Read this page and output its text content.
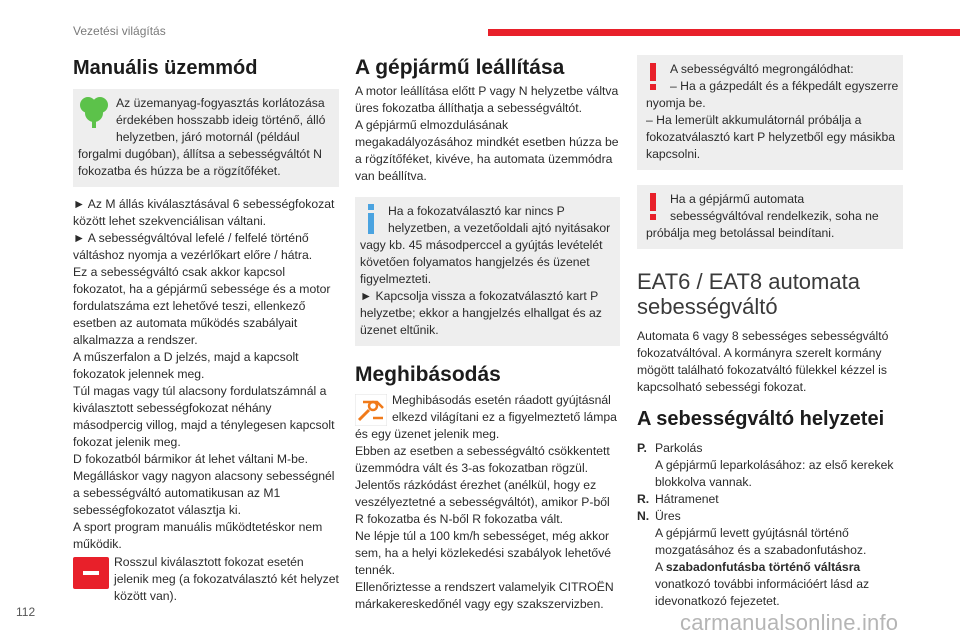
Vezetési világítás
Manuális üzemmód

Az üzemanyag-fogyasztás korlátozása érdekében hosszabb ideig történő, álló helyzetben, járó motornál (például forgalmi dugóban), állítsa a sebességváltót N fokozatba és húzza be a rögzítőféket.

► Az M állás kiválasztásával 6 sebességfokozat között lehet szekvenciálisan váltani.

► A sebességváltóval lefelé / felfelé történő váltáshoz nyomja a vezérlőkart előre / hátra.

Ez a sebességváltó csak akkor kapcsol fokozatot, ha a gépjármű sebessége és a motor fordulatszáma ezt lehetővé teszi, ellenkező esetben az automata működés szabályait alkalmazza a rendszer.

A műszerfalon a D jelzés, majd a kapcsolt fokozatok jelennek meg.

Túl magas vagy túl alacsony fordulatszámnál a kiválasztott sebességfokozat néhány másodpercig villog, majd a ténylegesen kapcsolt fokozat jelenik meg.

D fokozatból bármikor át lehet váltani M-be.

Megálláskor vagy nagyon alacsony sebességnél a sebességváltó automatikusan az M1 sebességfokozatot választja ki.

A sport program manuális működtetéskor nem működik.

Rosszul kiválasztott fokozat esetén jelenik meg (a fokozatválasztó két helyzet között van).

A gépjármű leállítása

A motor leállítása előtt P vagy N helyzetbe váltva üres fokozatba állíthatja a sebességváltót.

A gépjármű elmozdulásának megakadályozásához mindkét esetben húzza be a rögzítőféket, kivéve, ha automata üzemmódra van beállítva.

Ha a fokozatválasztó kar nincs P helyzetben, a vezetőoldali ajtó nyitásakor vagy kb. 45 másodperccel a gyújtás levételét követően folyamatos hangjelzés és üzenet figyelmezteti.

► Kapcsolja vissza a fokozatválasztó kart P helyzetbe; ekkor a hangjelzés elhallgat és az üzenet eltűnik.

Meghibásodás

Meghibásodás esetén ráadott gyújtásnál elkezd világítani ez a figyelmeztető lámpa és egy üzenet jelenik meg.

Ebben az esetben a sebességváltó csökkentett üzemmódra vált és 3-as fokozatban rögzül. Jelentős rázkódást érezhet (anélkül, hogy ez veszélyeztetné a sebességváltót), amikor P-ből R fokozatba és N-ből R fokozatba vált.

Ne lépje túl a 100 km/h sebességet, még akkor sem, ha a helyi közlekedési szabályok lehetővé tennék.

Ellenőriztesse a rendszert valamelyik CITROËN márkakereskedőnél vagy egy szakszervizben.

A sebességváltó megrongálódhat:

– Ha a gázpedált és a fékpedált egyszerre nyomja be.

– Ha lemerült akkumulátornál próbálja a fokozatválasztó kart P helyzetből egy másikba kapcsolni.

Ha a gépjármű automata sebességváltóval rendelkezik, soha ne próbálja meg betolással beindítani.

EAT6 / EAT8 automata sebességváltó

Automata 6 vagy 8 sebességes sebességváltó fokozatváltóval. A kormányra szerelt kormány mögött található fokozatváltó fülekkel kézzel is kapcsolható sebességi fokozat.

A sebességváltó helyzetei
P. Parkolás

A gépjármű leparkolásához: az első kerekek blokkolva vannak.

R. Hátramenet
N. Üres

A gépjármű levett gyújtásnál történő mozgatásához és a szabadonfutáshoz.

A szabadonfutásba történő váltásra vonatkozó további információért lásd az idevonatkozó fejezetet.

112	carmanualsonline.info
